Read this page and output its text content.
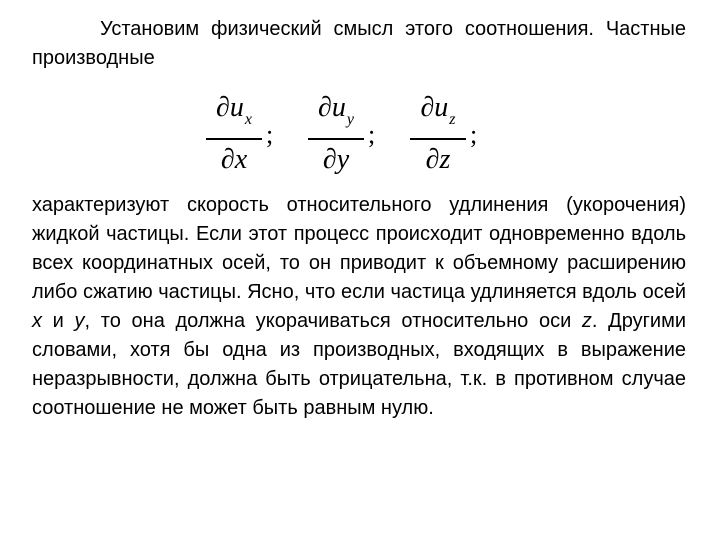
Установим физический смысл этого соотношения. Частные производные

$\partial u_x$
∂x
;
$\partial u_y$
∂y
;
$\partial u_z$
∂z
;

характеризуют скорость относительного удлинения (укорочения) жидкой частицы. Если этот процесс происходит одновременно вдоль всех координатных осей, то он приводит к объемному расширению либо сжатию частицы. Ясно, что если частица удлиняется вдоль осей x и y, то она должна укорачиваться относительно оси z. Другими словами, хотя бы одна из производных, входящих в выражение неразрывности, должна быть отрицательна, т.к. в противном случае соотношение не может быть равным нулю.
